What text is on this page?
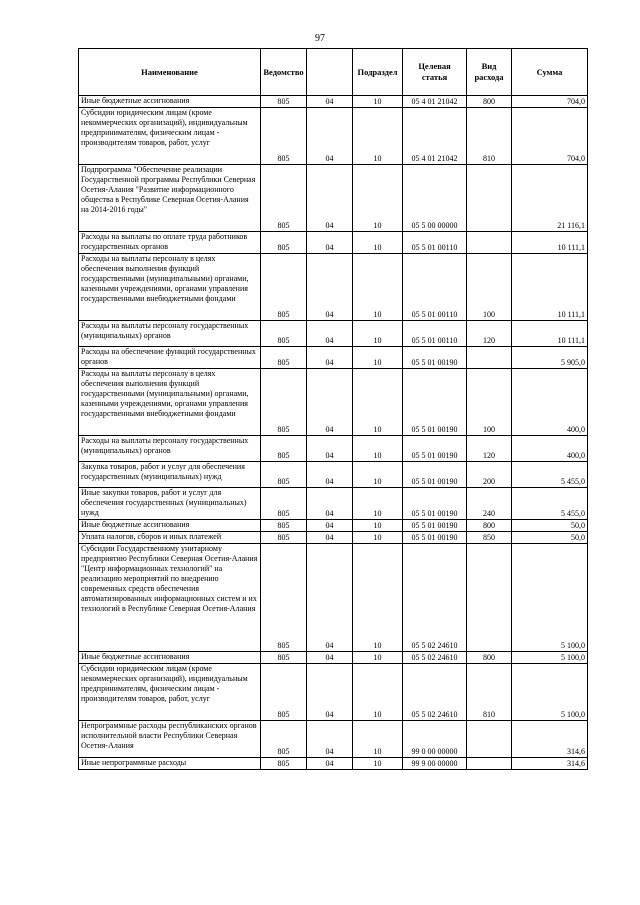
97
Наименование	Ведомство		Подраздел	Целевая статья	Вид расхода	Сумма
Иные бюджетные ассигнования	805	04	10	05 4 01 21042	800	704,0
Субсидии юридическим лицам (кроме некоммерческих организаций), индивидуальным предпринимателям, физическим лицам - производителям товаров, работ, услуг	805	04	10	05 4 01 21042	810	704,0
Подпрограмма "Обеспечение реализации Государственной программы Республики Северная Осетия-Алания "Развитие информационного общества в Республике Северная Осетия-Алания на 2014-2016 годы"	805	04	10	05 5 00 00000		21 116,1
Расходы на выплаты по оплате труда работников государственных органов	805	04	10	05 5 01 00110		10 111,1
Расходы на выплаты персоналу в целях обеспечения выполнения функций государственными (муниципальными) органами, казенными учреждениями, органами управления государственными внебюджетными фондами	805	04	10	05 5 01 00110	100	10 111,1
Расходы на выплаты персоналу государственных (муниципальных) органов	805	04	10	05 5 01 00110	120	10 111,1
Расходы на обеспечение функций государственных органов	805	04	10	05 5 01 00190		5 905,0
Расходы на выплаты персоналу в целях обеспечения выполнения функций государственными (муниципальными) органами, казенными учреждениями, органами управления государственными внебюджетными фондами	805	04	10	05 5 01 00190	100	400,0
Расходы на выплаты персоналу государственных (муниципальных) органов	805	04	10	05 5 01 00190	120	400,0
Закупка товаров, работ и услуг для обеспечения государственных (муниципальных) нужд	805	04	10	05 5 01 00190	200	5 455,0
Иные закупки товаров, работ и услуг для обеспечения государственных (муниципальных) нужд	805	04	10	05 5 01 00190	240	5 455,0
Иные бюджетные ассигнования	805	04	10	05 5 01 00190	800	50,0
Уплата налогов, сборов и иных платежей	805	04	10	05 5 01 00190	850	50,0
Субсидии Государственному унитарному предприятию Республики Северная Осетия-Алания "Центр информационных технологий" на реализацию мероприятий по внедрению современных средств обеспечения автоматизированных информационных систем и их технологий в Республике Северная Осетия-Алания	805	04	10	05 5 02 24610		5 100,0
Иные бюджетные ассигнования	805	04	10	05 5 02 24610	800	5 100,0
Субсидии юридическим лицам (кроме некоммерческих организаций), индивидуальным предпринимателям, физическим лицам - производителям товаров, работ, услуг	805	04	10	05 5 02 24610	810	5 100,0
Непрограммные расходы республиканских органов исполнительной власти Республики Северная Осетия-Алания	805	04	10	99 0 00 00000		314,6
Иные непрограммные расходы	805	04	10	99 9 00 00000		314,6
